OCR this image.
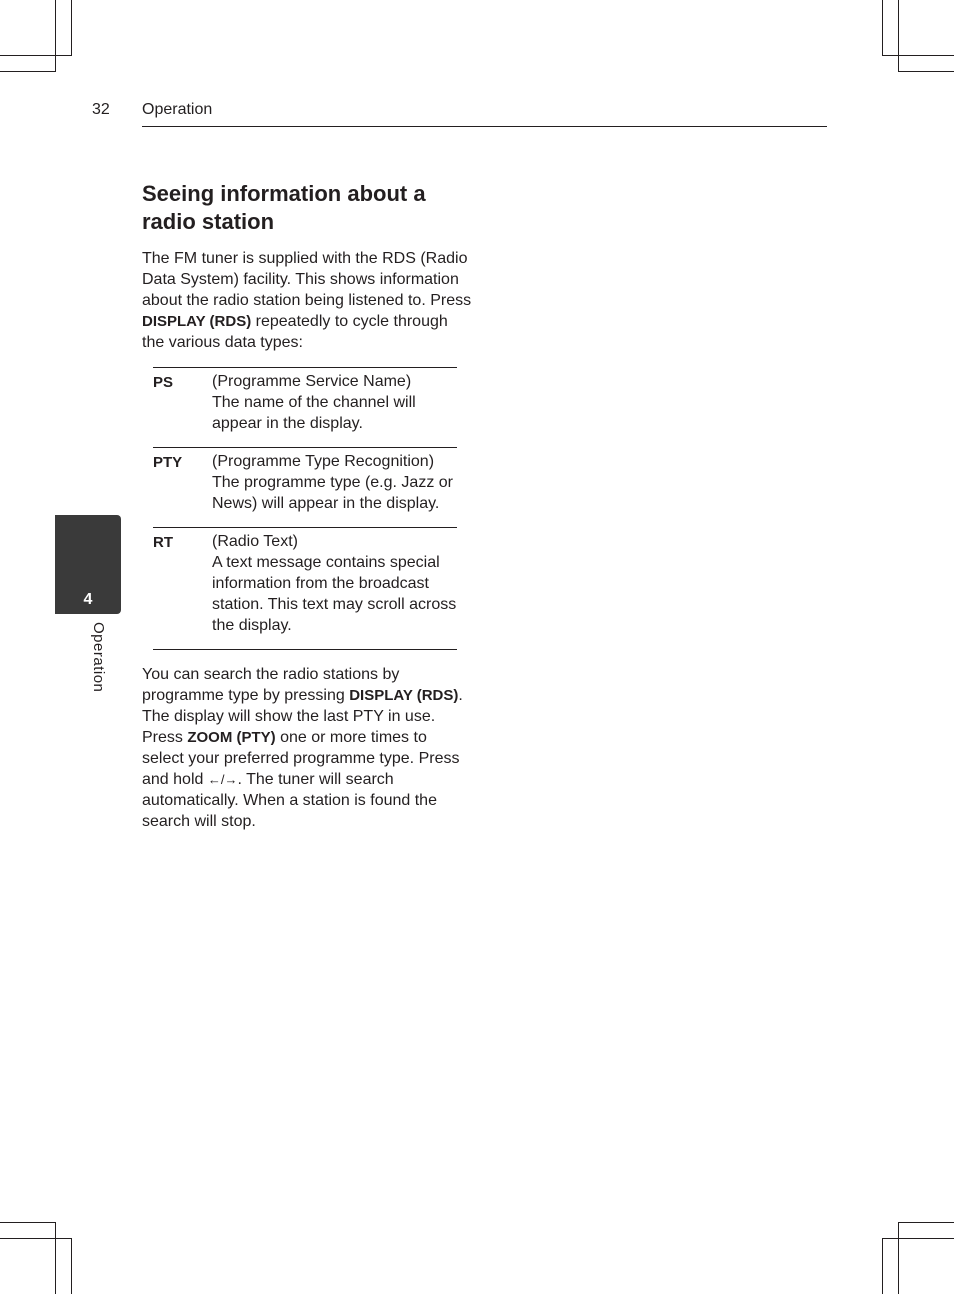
32 Operation
4
Operation
Seeing information about a radio station

The FM tuner is supplied with the RDS (Radio Data System) facility. This shows information about the radio station being listened to. Press DISPLAY (RDS) repeatedly to cycle through the various data types:

PS	(Programme Service Name)
The name of the channel will appear in the display.
PTY	(Programme Type Recognition)
The programme type (e.g. Jazz or News) will appear in the display.
RT	(Radio Text)
A text message contains special information from the broadcast station. This text may scroll across the display.

You can search the radio stations by programme type by pressing DISPLAY (RDS). The display will show the last PTY in use. Press ZOOM (PTY) one or more times to select your preferred programme type. Press and hold ←/→. The tuner will search automatically. When a station is found the search will stop.
